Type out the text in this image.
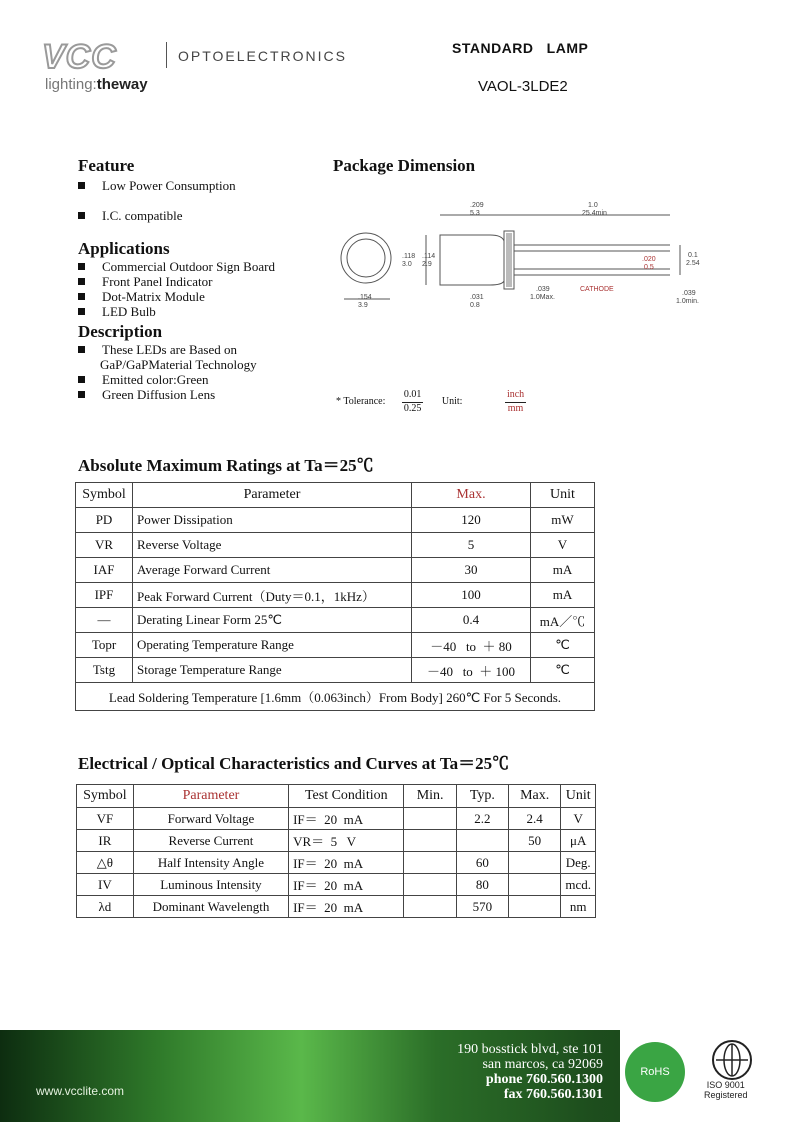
VCC	OPTOELECTRONICS
lighting:theway
STANDARD   LAMP
VAOL-3LDE2
Feature
Low Power Consumption
I.C. compatible
Applications
Commercial Outdoor Sign Board
Front Panel Indicator
Dot-Matrix Module
LED Bulb
Description
These LEDs are Based on
GaP/GaPMaterial Technology
Emitted color:Green
Green Diffusion Lens
Package Dimension
.209
5.3
1.0
25.4min
.118
3.0
.114
2.9
.154
3.9
.031
0.8
.039
1.0Max.
.020
0.5
0.1
2.54
CATHODE
.039
1.0min.
* Tolerance: $\frac{0.01}{0.25}$ Unit:	$\frac{\text{inch}}{mm}$
Absolute Maximum Ratings at Ta＝25℃
Symbol	Parameter	Max.	Unit
PD	Power Dissipation	120	mW
VR	Reverse Voltage	5	V
IAF	Average Forward Current	30	mA
IPF	Peak Forward Current（Duty＝0.1，1kHz）	100	mA
—	Derating Linear Form 25℃	0.4	mA／℃
Topr	Operating Temperature Range	－40   to  ＋ 80	℃
Tstg	Storage Temperature Range	－40   to  ＋ 100	℃
Lead Soldering Temperature [1.6mm（0.063inch）From Body] 260℃ For 5 Seconds.			
Electrical / Optical Characteristics and Curves at Ta＝25℃
Symbol	Parameter	Test Condition	Min.	Typ.	Max.	Unit
VF	Forward Voltage	IF＝  20  mA		2.2	2.4	V
IR	Reverse Current	VR＝  5   V			50	μA
△θ	Half Intensity Angle	IF＝  20  mA		60		Deg.
IV	Luminous Intensity	IF＝  20  mA		80		mcd.
λd	Dominant Wavelength	IF＝  20  mA		570		nm
www.vcclite.com
190 bosstick blvd, ste 101
san marcos, ca 92069
phone 760.560.1300
fax 760.560.1301
RoHS
ISO 9001
Registered
